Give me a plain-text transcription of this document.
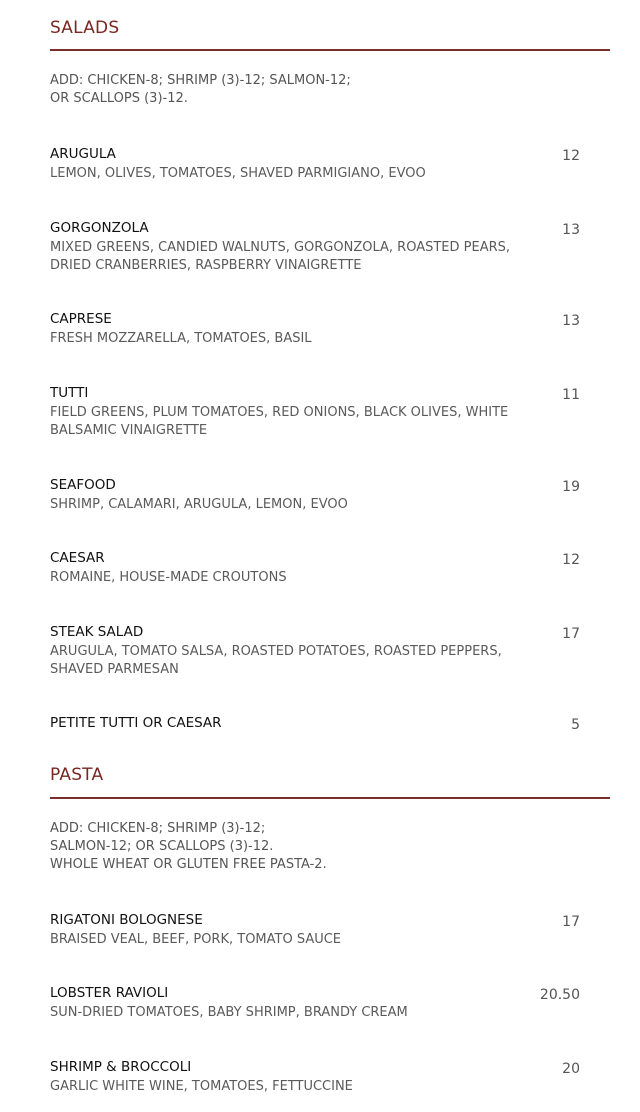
SALADS
ADD: CHICKEN-8; SHRIMP (3)-12; SALMON-12;
OR SCALLOPS (3)-12.
ARUGULA
LEMON, OLIVES, TOMATOES, SHAVED PARMIGIANO, EVOO
12
GORGONZOLA
MIXED GREENS, CANDIED WALNUTS, GORGONZOLA, ROASTED PEARS, DRIED CRANBERRIES, RASPBERRY VINAIGRETTE
13
CAPRESE
FRESH MOZZARELLA, TOMATOES, BASIL
13
TUTTI
FIELD GREENS, PLUM TOMATOES, RED ONIONS, BLACK OLIVES, WHITE BALSAMIC VINAIGRETTE
11
SEAFOOD
SHRIMP, CALAMARI, ARUGULA, LEMON, EVOO
19
CAESAR
ROMAINE, HOUSE-MADE CROUTONS
12
STEAK SALAD
ARUGULA, TOMATO SALSA, ROASTED POTATOES, ROASTED PEPPERS, SHAVED PARMESAN
17
PETITE TUTTI OR CAESAR	5
PASTA
ADD: CHICKEN-8; SHRIMP (3)-12;
SALMON-12; OR SCALLOPS (3)-12.
WHOLE WHEAT OR GLUTEN FREE PASTA-2.
RIGATONI BOLOGNESE
BRAISED VEAL, BEEF, PORK, TOMATO SAUCE
17
LOBSTER RAVIOLI
SUN-DRIED TOMATOES, BABY SHRIMP, BRANDY CREAM
20.50
SHRIMP & BROCCOLI
GARLIC WHITE WINE, TOMATOES, FETTUCCINE
20
